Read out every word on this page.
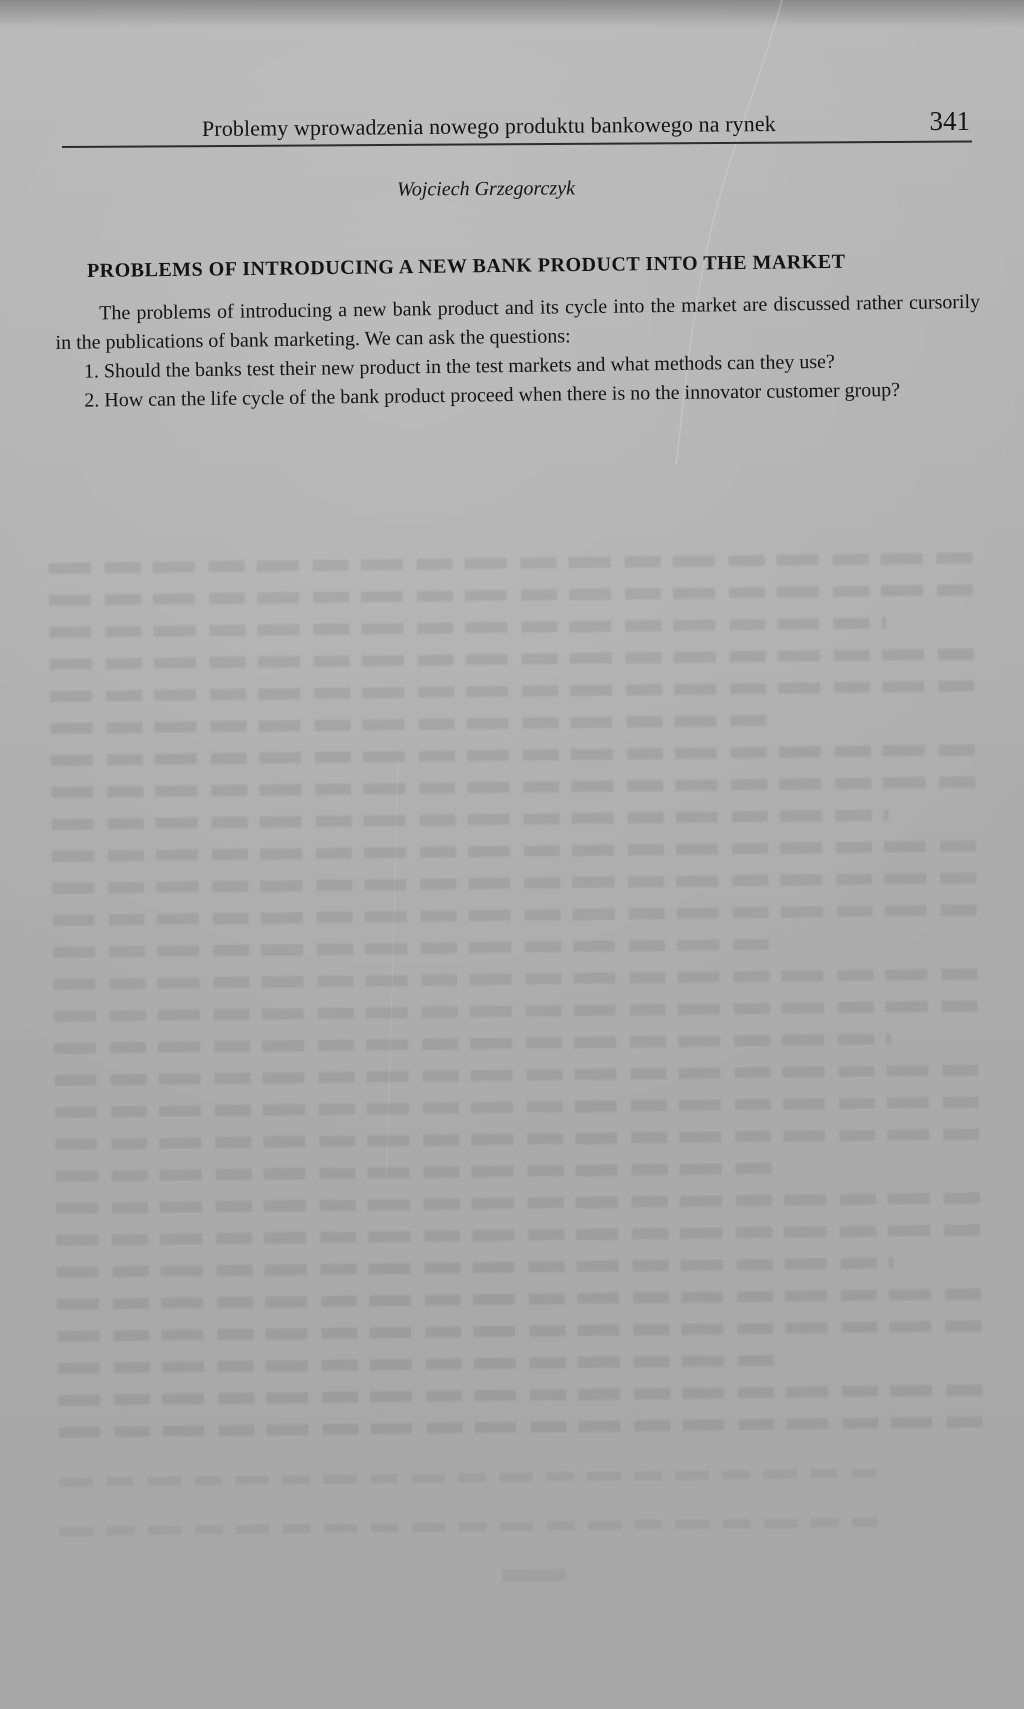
Problemy wprowadzenia nowego produktu bankowego na rynek	341
Wojciech Grzegorczyk
PROBLEMS OF INTRODUCING A NEW BANK PRODUCT INTO THE MARKET

The problems of introducing a new bank product and its cycle into the market are discussed rather cursorily in the publications of bank marketing. We can ask the questions:

1. Should the banks test their new product in the test markets and what methods can they use?

2. How can the life cycle of the bank product proceed when there is no the innovator customer group?
